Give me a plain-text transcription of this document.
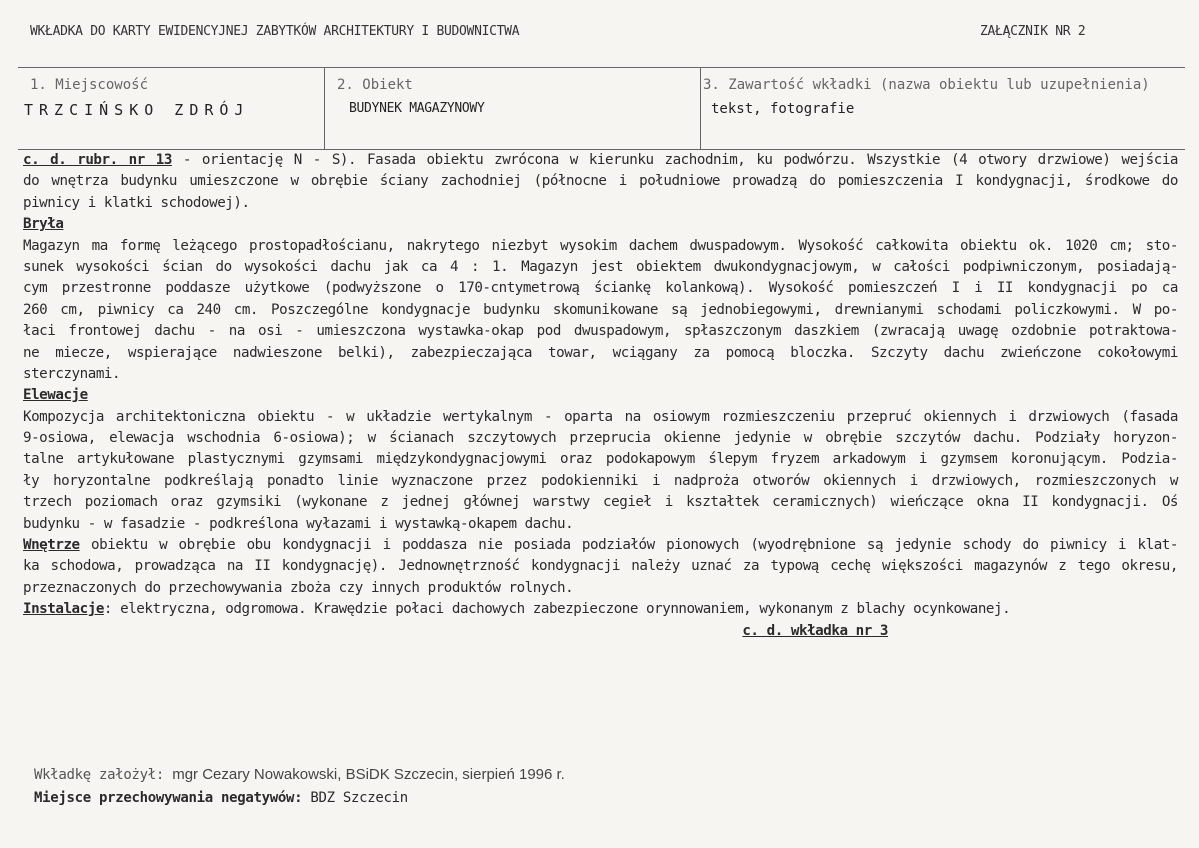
WKŁADKA DO KARTY EWIDENCYJNEJ ZABYTKÓW ARCHITEKTURY I BUDOWNICTWA	ZAŁĄCZNIK NR 2
1. Miejscowość
TRZCIŃSKO ZDRÓJ
2. Obiekt
BUDYNEK MAGAZYNOWY
3. Zawartość wkładki (nazwa obiektu lub uzupełnienia)
tekst, fotografie
c. d. rubr. nr 13 - orientację N - S). Fasada obiektu zwrócona w kierunku zachodnim, ku podwórzu. Wszystkie (4 otwory drzwiowe) wejścia
do wnętrza budynku umieszczone w obrębie ściany zachodniej (północne i południowe prowadzą do pomieszczenia I kondygnacji, środkowe do
piwnicy i klatki schodowej).
Bryła
Magazyn ma formę leżącego prostopadłościanu, nakrytego niezbyt wysokim dachem dwuspadowym. Wysokość całkowita obiektu ok. 1020 cm; sto-
sunek wysokości ścian do wysokości dachu jak ca 4 : 1. Magazyn jest obiektem dwukondygnacjowym, w całości podpiwniczonym, posiadają-
cym przestronne poddasze użytkowe (podwyższone o 170-cntymetrową ściankę kolankową). Wysokość pomieszczeń I i II kondygnacji po ca
260 cm, piwnicy ca 240 cm. Poszczególne kondygnacje budynku skomunikowane są jednobiegowymi, drewnianymi schodami policzkowymi. W po-
łaci frontowej dachu - na osi - umieszczona wystawka-okap pod dwuspadowym, spłaszczonym daszkiem (zwracają uwagę ozdobnie potraktowa-
ne miecze, wspierające nadwieszone belki), zabezpieczająca towar, wciągany za pomocą bloczka. Szczyty dachu zwieńczone cokołowymi
sterczynami.
Elewacje
Kompozycja architektoniczna obiektu - w układzie wertykalnym - oparta na osiowym rozmieszczeniu przepruć okiennych i drzwiowych (fasada
9-osiowa, elewacja wschodnia 6-osiowa); w ścianach szczytowych przeprucia okienne jedynie w obrębie szczytów dachu. Podziały horyzon-
talne artykułowane plastycznymi gzymsami międzykondygnacjowymi oraz podokapowym ślepym fryzem arkadowym i gzymsem koronującym. Podzia-
ły horyzontalne podkreślają ponadto linie wyznaczone przez podokienniki i nadproża otworów okiennych i drzwiowych, rozmieszczonych w
trzech poziomach oraz gzymsiki (wykonane z jednej głównej warstwy cegieł i kształtek ceramicznych) wieńczące okna II kondygnacji. Oś
budynku - w fasadzie - podkreślona wyłazami i wystawką-okapem dachu.
Wnętrze obiektu w obrębie obu kondygnacji i poddasza nie posiada podziałów pionowych (wyodrębnione są jedynie schody do piwnicy i klat-
ka schodowa, prowadząca na II kondygnację). Jednownętrzność kondygnacji należy uznać za typową cechę większości magazynów z tego okresu,
przeznaczonych do przechowywania zboża czy innych produktów rolnych.
Instalacje: elektryczna, odgromowa. Krawędzie połaci dachowych zabezpieczone orynnowaniem, wykonanym z blachy ocynkowanej.
c. d. wkładka nr 3
Wkładkę założył: mgr Cezary Nowakowski, BSiDK Szczecin, sierpień 1996 r.
Miejsce przechowywania negatywów: BDZ Szczecin
